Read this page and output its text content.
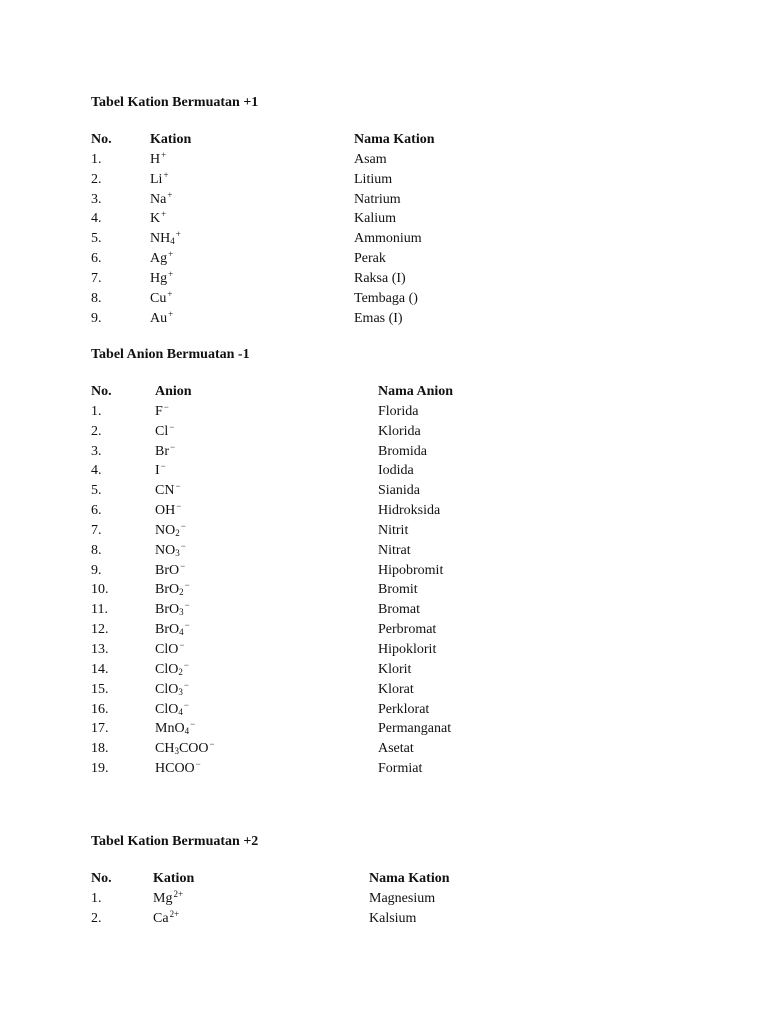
Tabel Kation Bermuatan +1

No.	Kation	Nama Kation
1.	H+	Asam
2.	Li+	Litium
3.	Na+	Natrium
4.	K+	Kalium
5.	$NH_4^+$	Ammonium
6.	Ag+	Perak
7.	Hg+	Raksa (I)
8.	Cu+	Tembaga ()
9.	Au+	Emas (I)

Tabel Anion Bermuatan -1

No.	Anion	Nama Anion
1.	F−	Florida
2.	Cl−	Klorida
3.	Br−	Bromida
4.	I−	Iodida
5.	CN−	Sianida
6.	OH−	Hidroksida
7.	$NO_2^-$	Nitrit
8.	$NO_3^-$	Nitrat
9.	BrO−	Hipobromit
10.	BrO$_2$−	Bromit
11.	BrO$_3$−	Bromat
12.	BrO$_4$−	Perbromat
13.	ClO−	Hipoklorit
14.	ClO$_2$−	Klorit
15.	ClO$_3$−	Klorat
16.	ClO$_4$−	Perklorat
17.	MnO$_4$−	Permanganat
18.	$CH_3COO^-$	Asetat
19.	HCOO−	Formiat

Tabel Kation Bermuatan +2

No.	Kation	Nama Kation
1.	$Mg^{2+}$	Magnesium
2.	$Ca^{2+}$	Kalsium
